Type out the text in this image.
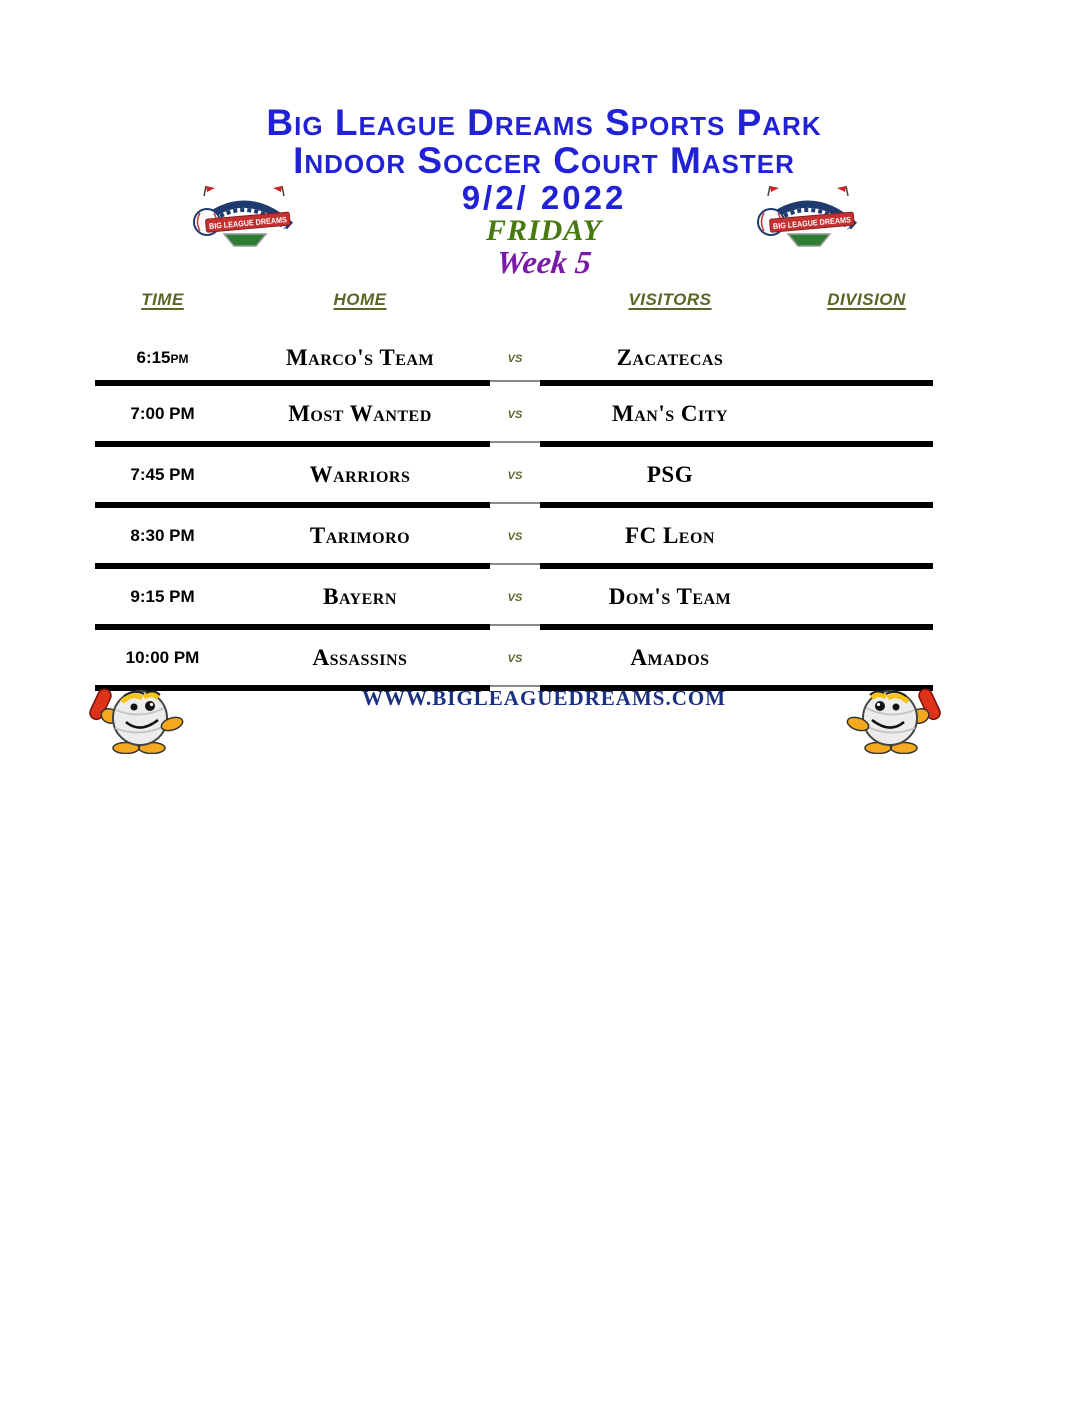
Big League Dreams Sports Park
Indoor Soccer Court Master
9/2/ 2022
FRIDAY
Week 5
BIG LEAGUE DREAMS	BIG LEAGUE DREAMS
TIME	HOME	VISITORS	DIVISION
6:15pm	Marco's Team	vs	Zacatecas
7:00 PM	Most Wanted	vs	Man's City
7:45 PM	Warriors	vs	PSG
8:30 PM	Tarimoro	vs	FC Leon
9:15 PM	Bayern	vs	Dom's Team
10:00 PM	Assassins	vs	Amados
WWW.BIGLEAGUEDREAMS.COM
